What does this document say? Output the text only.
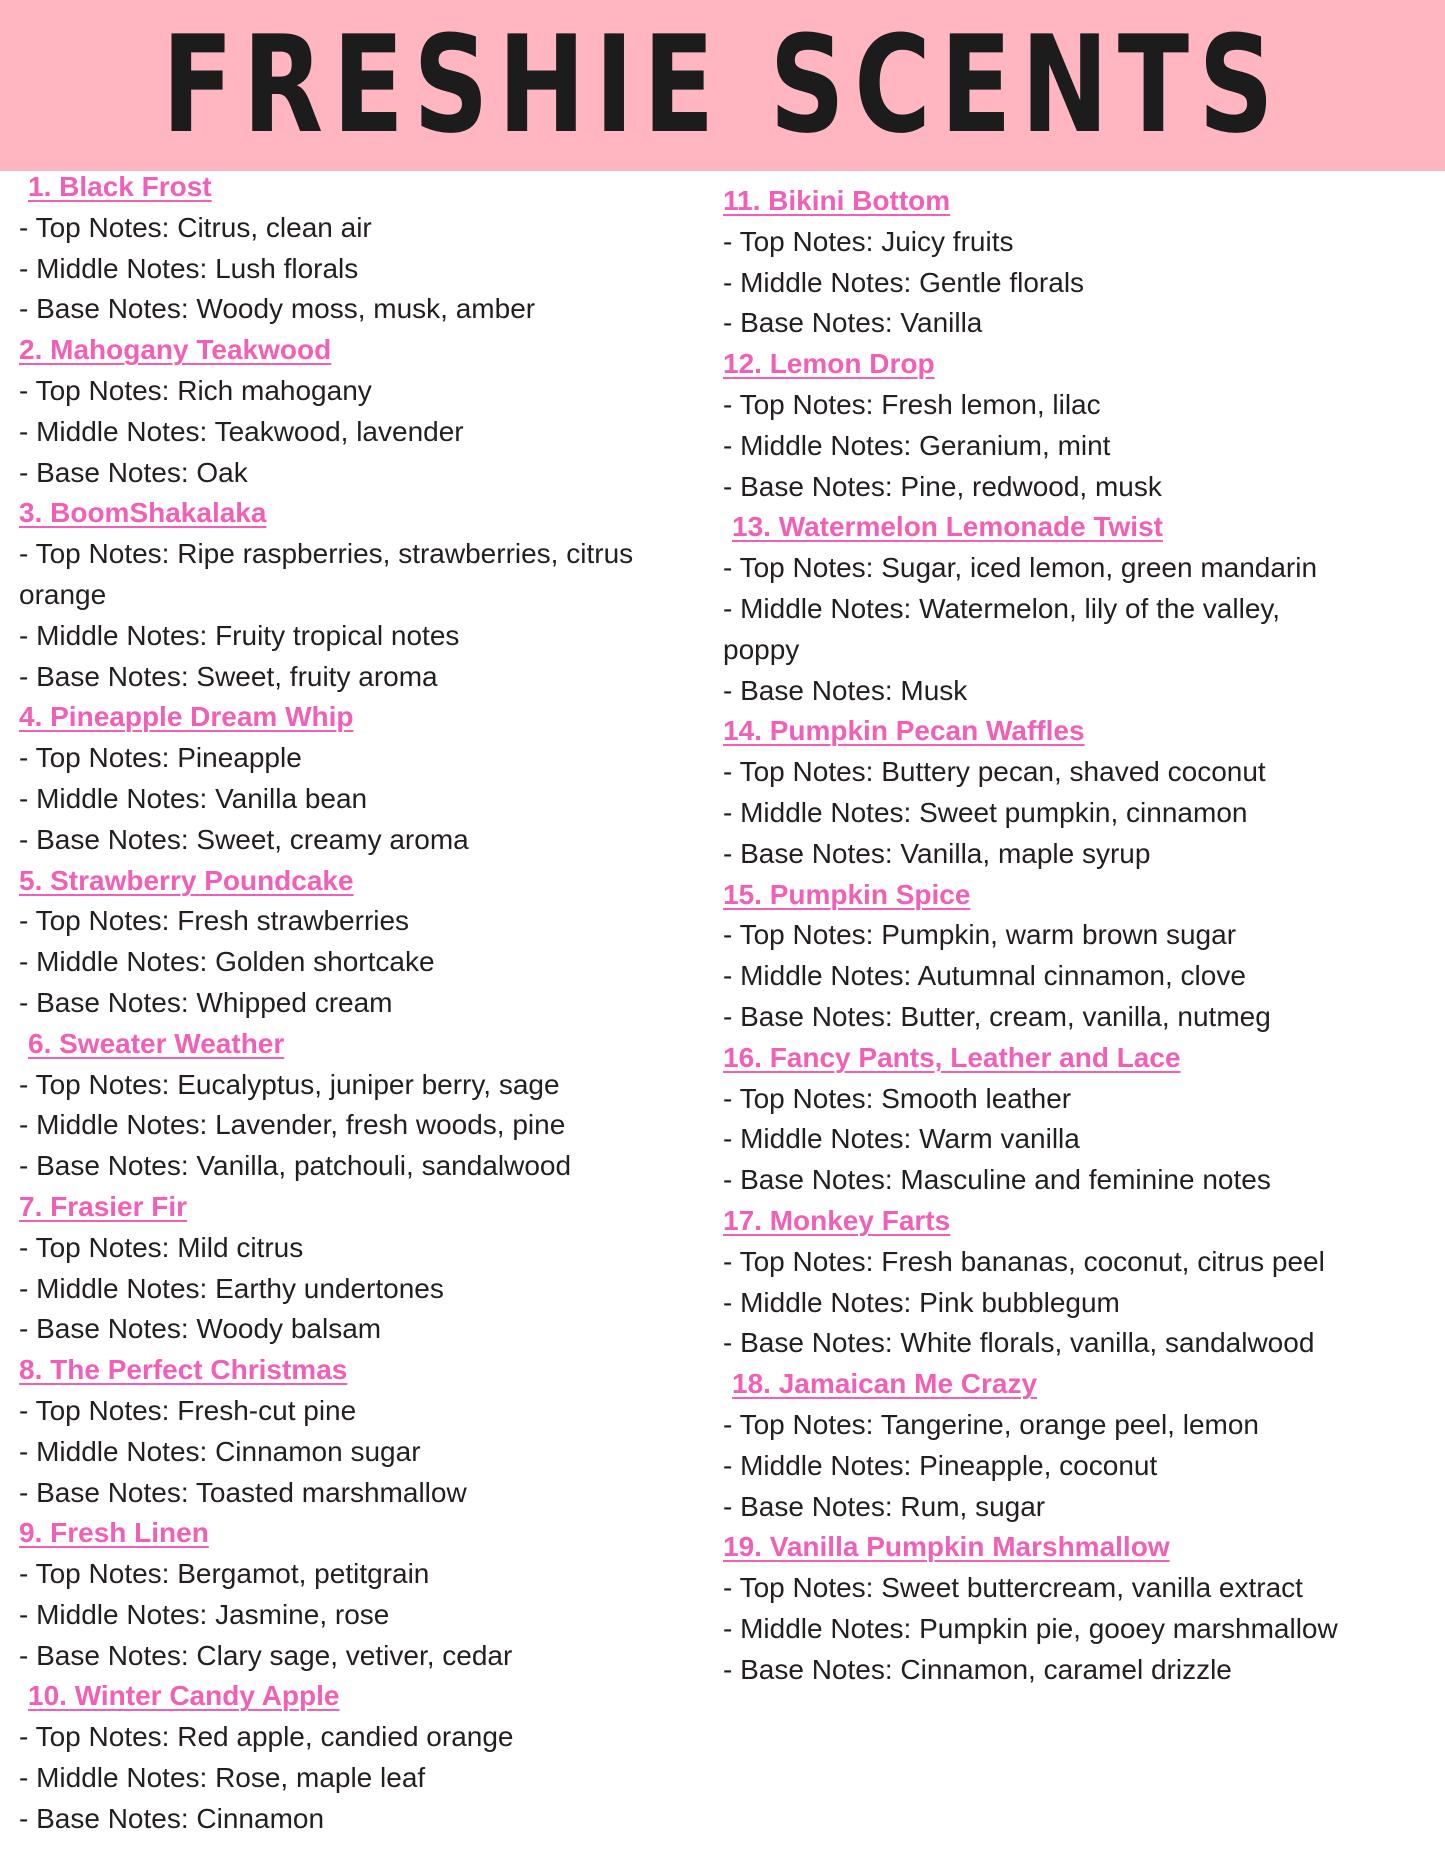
FRESHIE SCENTS
1. Black Frost
- Top Notes: Citrus, clean air
- Middle Notes: Lush florals
- Base Notes: Woody moss, musk, amber
2. Mahogany Teakwood
- Top Notes: Rich mahogany
- Middle Notes: Teakwood, lavender
- Base Notes: Oak
3. BoomShakalaka
- Top Notes: Ripe raspberries, strawberries, citrus orange
- Middle Notes: Fruity tropical notes
- Base Notes: Sweet, fruity aroma
4. Pineapple Dream Whip
- Top Notes: Pineapple
- Middle Notes: Vanilla bean
- Base Notes: Sweet, creamy aroma
5. Strawberry Poundcake
- Top Notes: Fresh strawberries
- Middle Notes: Golden shortcake
- Base Notes: Whipped cream
6. Sweater Weather
- Top Notes: Eucalyptus, juniper berry, sage
- Middle Notes: Lavender, fresh woods, pine
- Base Notes: Vanilla, patchouli, sandalwood
7. Frasier Fir
- Top Notes: Mild citrus
- Middle Notes: Earthy undertones
- Base Notes: Woody balsam
8. The Perfect Christmas
- Top Notes: Fresh-cut pine
- Middle Notes: Cinnamon sugar
- Base Notes: Toasted marshmallow
9. Fresh Linen
- Top Notes: Bergamot, petitgrain
- Middle Notes: Jasmine, rose
- Base Notes: Clary sage, vetiver, cedar
10. Winter Candy Apple
- Top Notes: Red apple, candied orange
- Middle Notes: Rose, maple leaf
- Base Notes: Cinnamon
11. Bikini Bottom
- Top Notes: Juicy fruits
- Middle Notes: Gentle florals
- Base Notes: Vanilla
12. Lemon Drop
- Top Notes: Fresh lemon, lilac
- Middle Notes: Geranium, mint
- Base Notes: Pine, redwood, musk
13. Watermelon Lemonade Twist
- Top Notes: Sugar, iced lemon, green mandarin
- Middle Notes: Watermelon, lily of the valley, poppy
- Base Notes: Musk
14. Pumpkin Pecan Waffles
- Top Notes: Buttery pecan, shaved coconut
- Middle Notes: Sweet pumpkin, cinnamon
- Base Notes: Vanilla, maple syrup
15. Pumpkin Spice
- Top Notes: Pumpkin, warm brown sugar
- Middle Notes: Autumnal cinnamon, clove
- Base Notes: Butter, cream, vanilla, nutmeg
16. Fancy Pants, Leather and Lace
- Top Notes: Smooth leather
- Middle Notes: Warm vanilla
- Base Notes: Masculine and feminine notes
17. Monkey Farts
- Top Notes: Fresh bananas, coconut, citrus peel
- Middle Notes: Pink bubblegum
- Base Notes: White florals, vanilla, sandalwood
18. Jamaican Me Crazy
- Top Notes: Tangerine, orange peel, lemon
- Middle Notes: Pineapple, coconut
- Base Notes: Rum, sugar
19. Vanilla Pumpkin Marshmallow
- Top Notes: Sweet buttercream, vanilla extract
- Middle Notes: Pumpkin pie, gooey marshmallow
- Base Notes: Cinnamon, caramel drizzle
